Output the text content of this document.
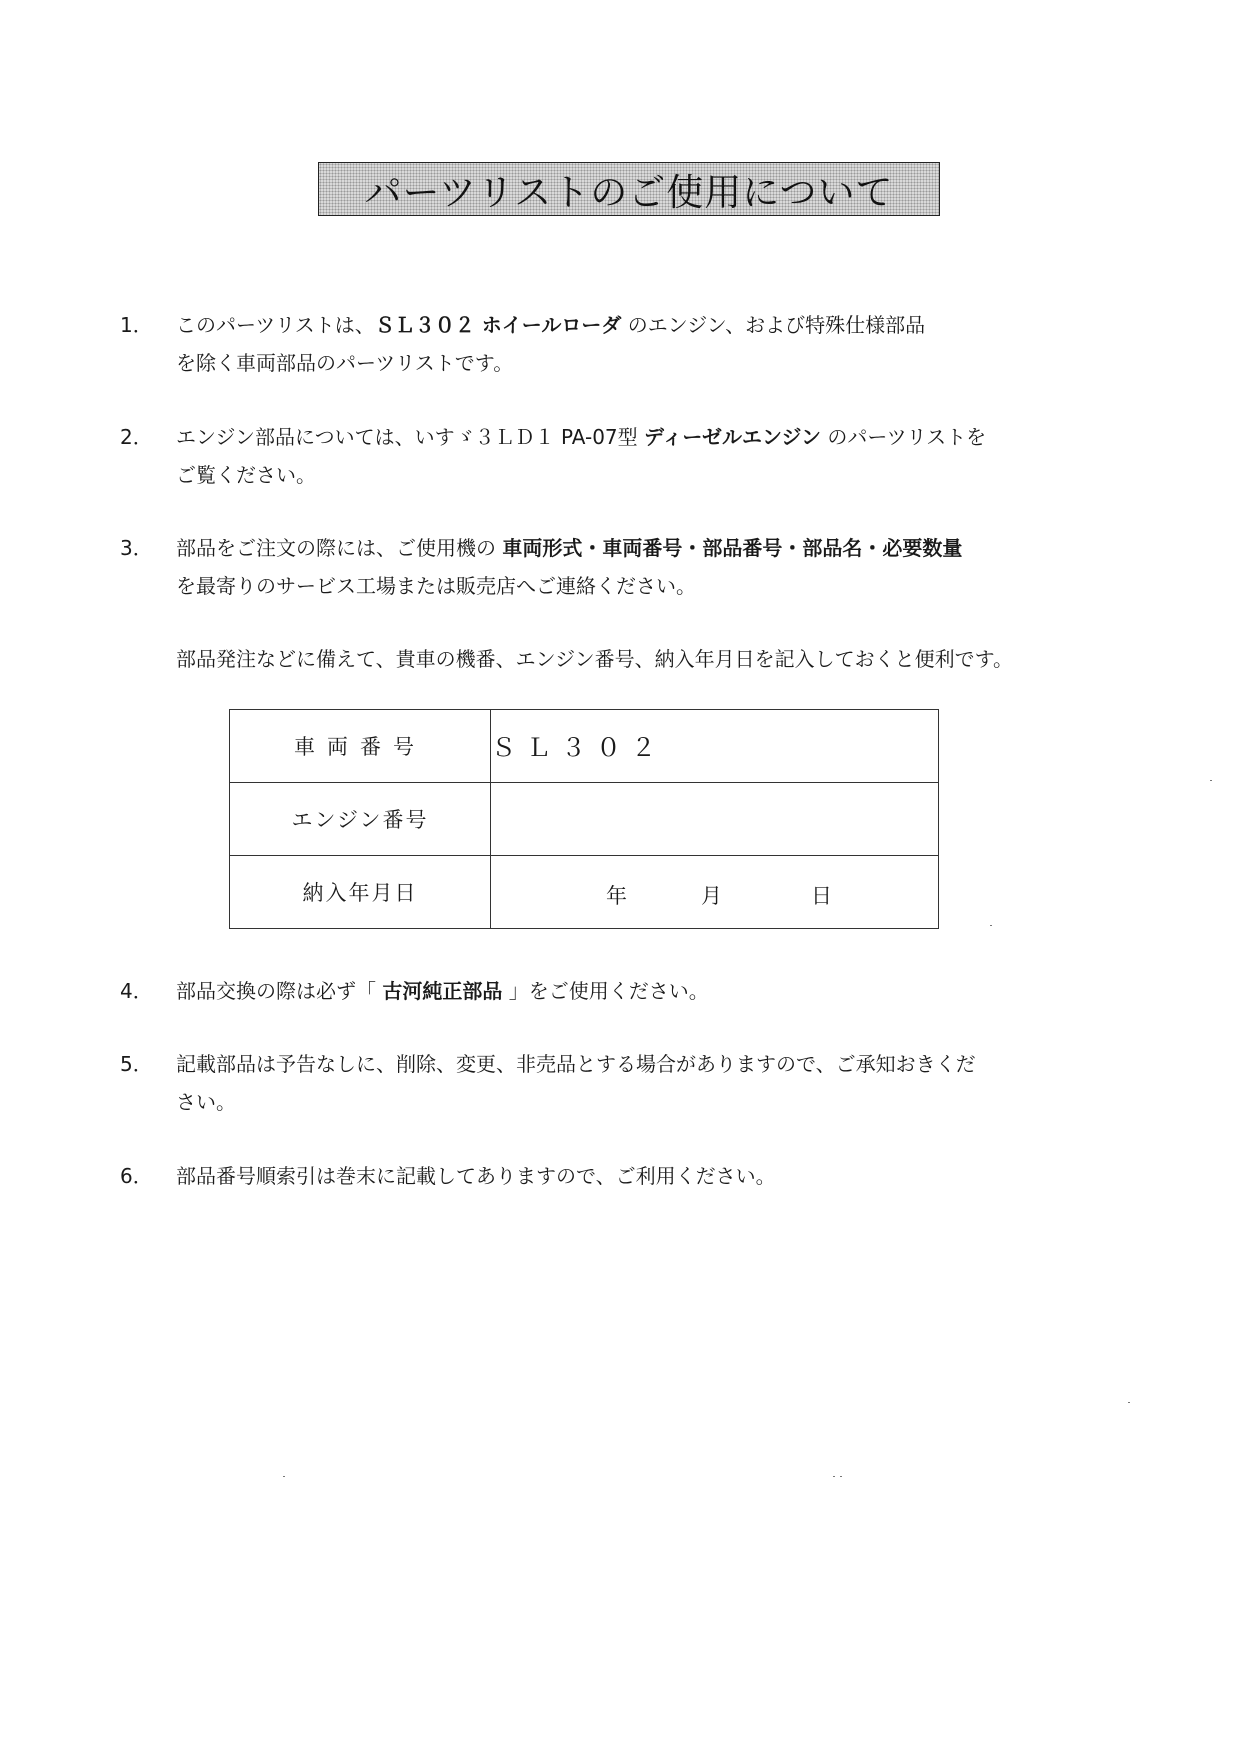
パーツリストのご使用について
1．	このパーツリストは、ＳＬ３０２ ホイールローダ のエンジン、および特殊仕様部品
を除く車両部品のパーツリストです。
2．	エンジン部品については、いすゞ３ＬＤ１ PA-07型 ディーゼルエンジン のパーツリストを
ご覧ください。
3．	部品をご注文の際には、ご使用機の 車両形式・車両番号・部品番号・部品名・必要数量
を最寄りのサービス工場または販売店へご連絡ください。
部品発注などに備えて、貴車の機番、エンジン番号、納入年月日を記入しておくと便利です。
車両番号	ＳＬ３０２
エンジン番号	
納入年月日	年 月 日
4．	部品交換の際は必ず「 古河純正部品 」をご使用ください。
5．	記載部品は予告なしに、削除、変更、非売品とする場合がありますので、ご承知おきくだ
さい。
6．	部品番号順索引は巻末に記載してありますので、ご利用ください。
